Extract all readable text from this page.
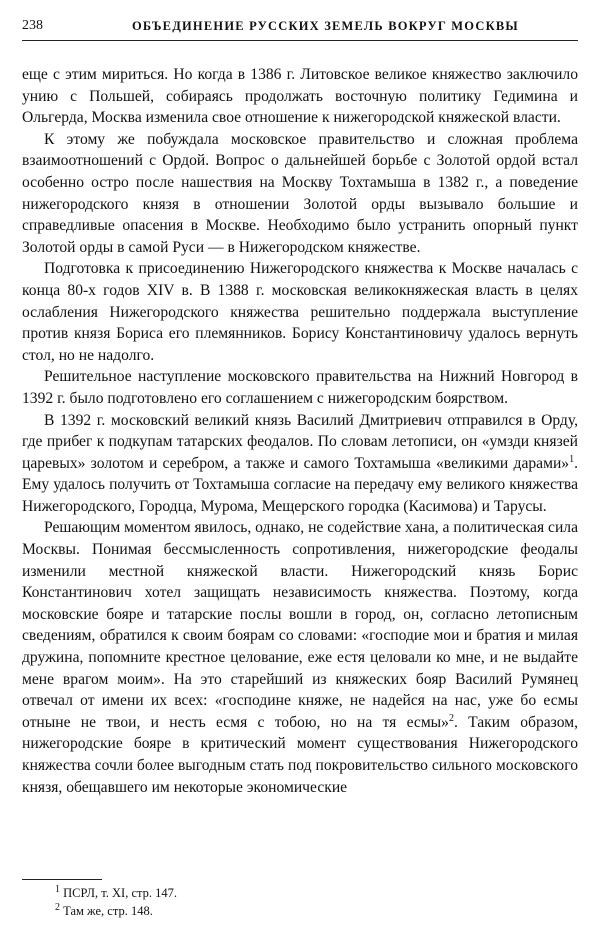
238	ОБЪЕДИНЕНИЕ РУССКИХ ЗЕМЕЛЬ ВОКРУГ МОСКВЫ

еще с этим мириться. Но когда в 1386 г. Литовское великое княжество заключило унию с Польшей, собираясь продолжать восточную политику Гедимина и Ольгерда, Москва изменила свое отношение к нижегородской княжеской власти.

К этому же побуждала московское правительство и сложная проблема взаимоотношений с Ордой. Вопрос о дальнейшей борьбе с Золотой ордой встал особенно остро после нашествия на Москву Тохтамыша в 1382 г., а поведение нижегородского князя в отношении Золотой орды вызывало большие и справедливые опасения в Москве. Необходимо было устранить опорный пункт Золотой орды в самой Руси — в Нижегородском княжестве.

Подготовка к присоединению Нижегородского княжества к Москве началась с конца 80-х годов XIV в. В 1388 г. московская великокняжеская власть в целях ослабления Нижегородского княжества решительно поддержала выступление против князя Бориса его племянников. Борису Константиновичу удалось вернуть стол, но не надолго.

Решительное наступление московского правительства на Нижний Новгород в 1392 г. было подготовлено его соглашением с нижегородским боярством.

В 1392 г. московский великий князь Василий Дмитриевич отправился в Орду, где прибег к подкупам татарских феодалов. По словам летописи, он «умзди князей царевых» золотом и серебром, а также и самого Тохтамыша «великими дарами»$^1$. Ему удалось получить от Тохтамыша согласие на передачу ему великого княжества Нижегородского, Городца, Мурома, Мещерского городка (Касимова) и Тарусы.

Решающим моментом явилось, однако, не содействие хана, а политическая сила Москвы. Понимая бессмысленность сопротивления, нижегородские феодалы изменили местной княжеской власти. Нижегородский князь Борис Константинович хотел защищать независимость княжества. Поэтому, когда московские бояре и татарские послы вошли в город, он, согласно летописным сведениям, обратился к своим боярам со словами: «господие мои и братия и милая дружина, попомните крестное целование, еже естя целовали ко мне, и не выдайте мене врагом моим». На это старейший из княжеских бояр Василий Румянец отвечал от имени их всех: «господине княже, не надейся на нас, уже бо есмы отныне не твои, и несть есмя с тобою, но на тя есмы»$^2$. Таким образом, нижегородские бояре в критический момент существования Нижегородского княжества сочли более выгодным стать под покровительство сильного московского князя, обещавшего им некоторые экономические

$^1$ ПСРЛ, т. XI, стр. 147.
$^2$ Там же, стр. 148.
